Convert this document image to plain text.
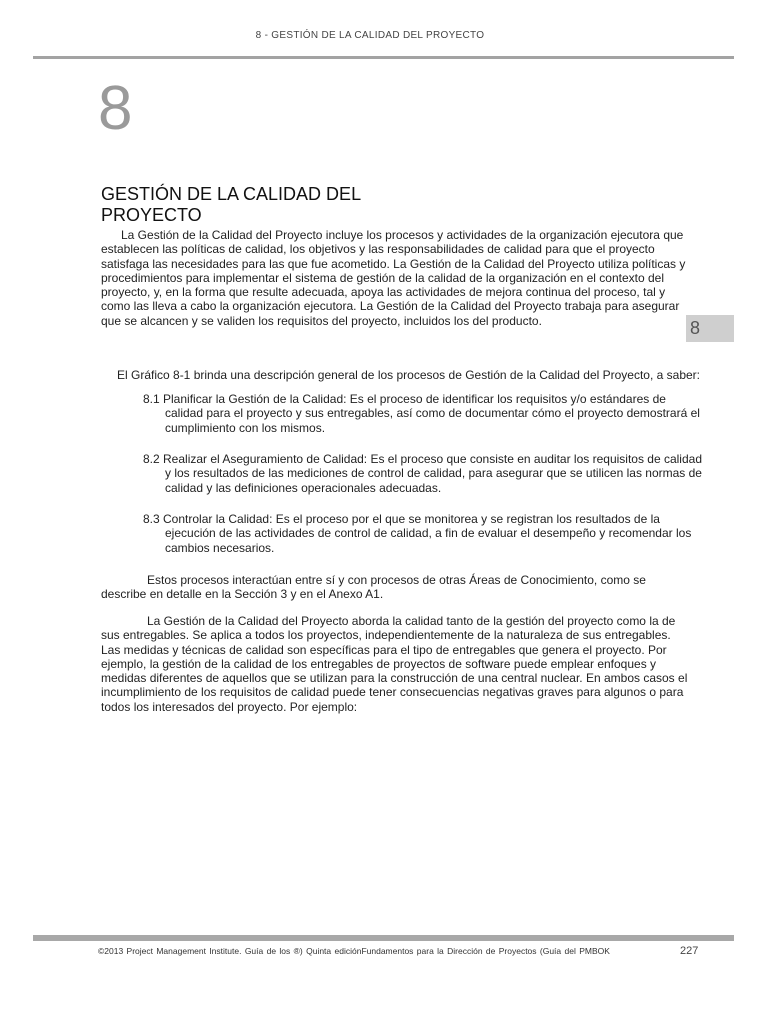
8 - GESTIÓN DE LA CALIDAD DEL PROYECTO
8
GESTIÓN DE LA CALIDAD DEL PROYECTO
8

La Gestión de la Calidad del Proyecto incluye los procesos y actividades de la organización ejecutora que establecen las políticas de calidad, los objetivos y las responsabilidades de calidad para que el proyecto satisfaga las necesidades para las que fue acometido. La Gestión de la Calidad del Proyecto utiliza políticas y procedimientos para implementar el sistema de gestión de la calidad de la organización en el contexto del proyecto, y, en la forma que resulte adecuada, apoya las actividades de mejora continua del proceso, tal y como las lleva a cabo la organización ejecutora. La Gestión de la Calidad del Proyecto trabaja para asegurar que se alcancen y se validen los requisitos del proyecto, incluidos los del producto.

El Gráfico 8-1 brinda una descripción general de los procesos de Gestión de la Calidad del Proyecto, a saber:

8.1 Planificar la Gestión de la Calidad: Es el proceso de identificar los requisitos y/o estándares de calidad para el proyecto y sus entregables, así como de documentar cómo el proyecto demostrará el cumplimiento con los mismos.
8.2 Realizar el Aseguramiento de Calidad: Es el proceso que consiste en auditar los requisitos de calidad y los resultados de las mediciones de control de calidad, para asegurar que se utilicen las normas de calidad y las definiciones operacionales adecuadas.
8.3 Controlar la Calidad: Es el proceso por el que se monitorea y se registran los resultados de la ejecución de las actividades de control de calidad, a fin de evaluar el desempeño y recomendar los cambios necesarios.

Estos procesos interactúan entre sí y con procesos de otras Áreas de Conocimiento, como se describe en detalle en la Sección 3 y en el Anexo A1.

La Gestión de la Calidad del Proyecto aborda la calidad tanto de la gestión del proyecto como la de sus entregables. Se aplica a todos los proyectos, independientemente de la naturaleza de sus entregables. Las medidas y técnicas de calidad son específicas para el tipo de entregables que genera el proyecto. Por ejemplo, la gestión de la calidad de los entregables de proyectos de software puede emplear enfoques y medidas diferentes de aquellos que se utilizan para la construcción de una central nuclear. En ambos casos el incumplimiento de los requisitos de calidad puede tener consecuencias negativas graves para algunos o para todos los interesados del proyecto. Por ejemplo:

©2013 Project Management Institute. Guía de los ®) Quinta ediciónFundamentos para la Dirección de Proyectos (Guía del PMBOK	227
